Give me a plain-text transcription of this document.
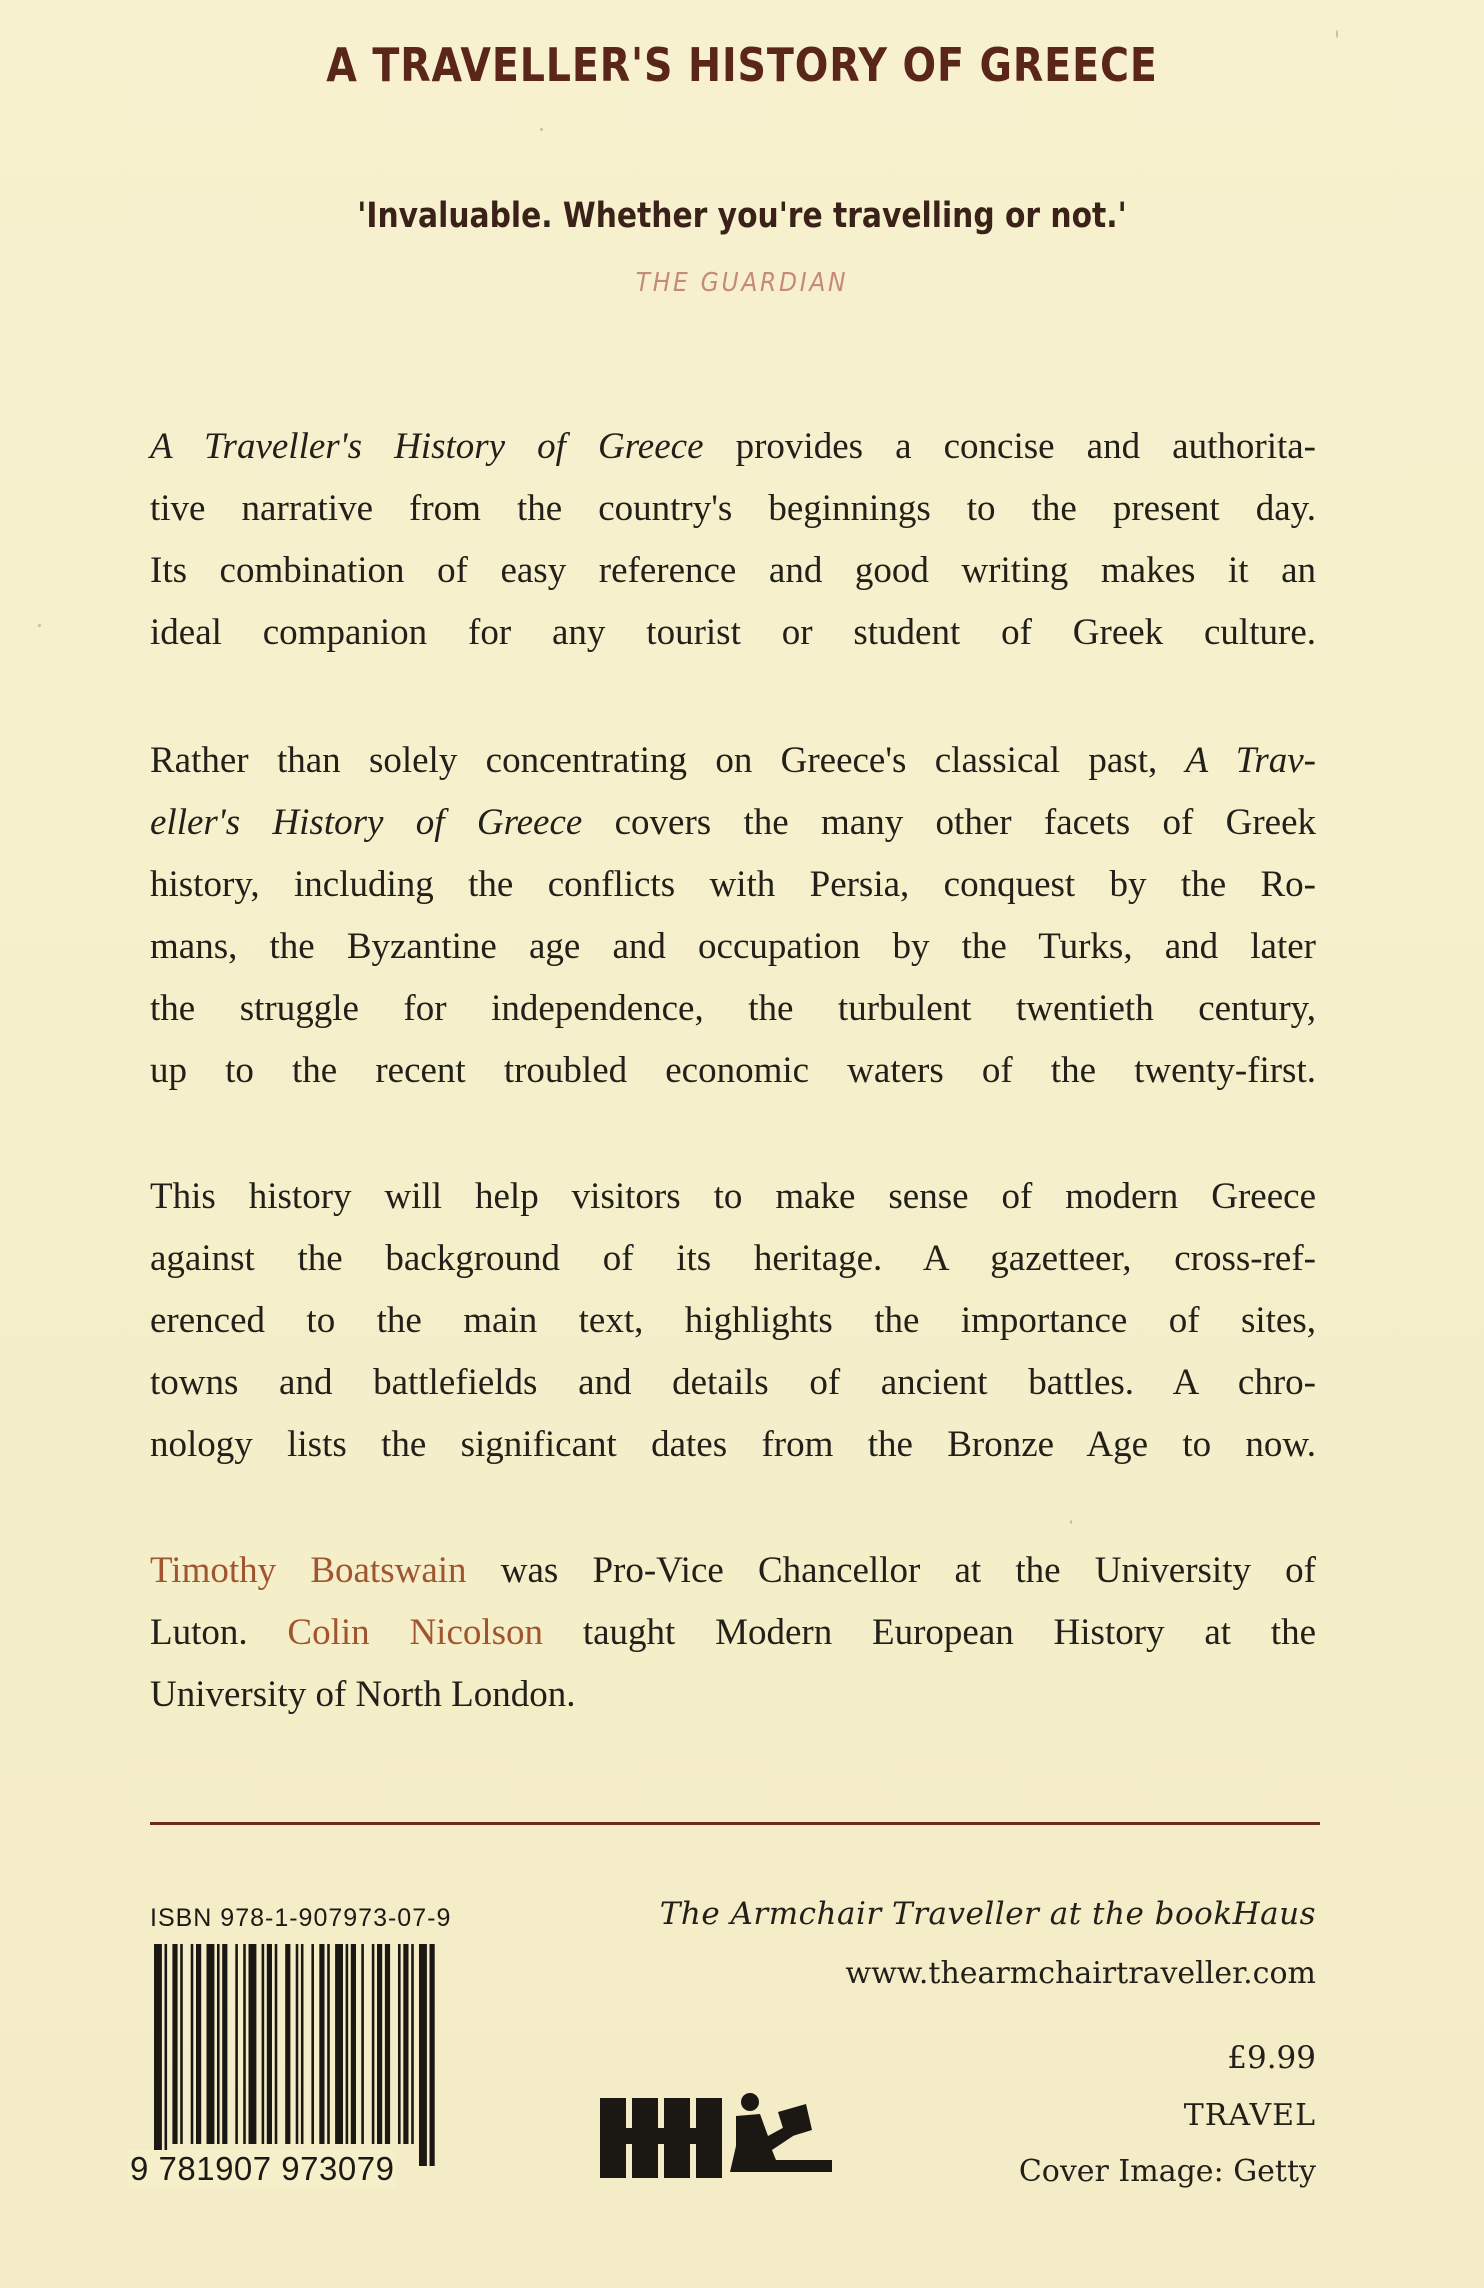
A TRAVELLER'S HISTORY OF GREECE
'Invaluable. Whether you're travelling or not.'
THE GUARDIAN
A Traveller's History of Greece provides a concise and authorita-
tive narrative from the country's beginnings to the present day.
Its combination of easy reference and good writing makes it an
ideal companion for any tourist or student of Greek culture.
Rather than solely concentrating on Greece's classical past, A Trav-
eller's History of Greece covers the many other facets of Greek
history, including the conflicts with Persia, conquest by the Ro-
mans, the Byzantine age and occupation by the Turks, and later
the struggle for independence, the turbulent twentieth century,
up to the recent troubled economic waters of the twenty-first.
This history will help visitors to make sense of modern Greece
against the background of its heritage. A gazetteer, cross-ref-
erenced to the main text, highlights the importance of sites,
towns and battlefields and details of ancient battles. A chro-
nology lists the significant dates from the Bronze Age to now.
Timothy Boatswain was Pro-Vice Chancellor at the University of
Luton. Colin Nicolson taught Modern European History at the
University of North London.
ISBN 978-1-907973-07-9
9 781907 973079
The Armchair Traveller at the bookHaus
www.thearmchairtraveller.com
£9.99
TRAVEL
Cover Image: Getty
